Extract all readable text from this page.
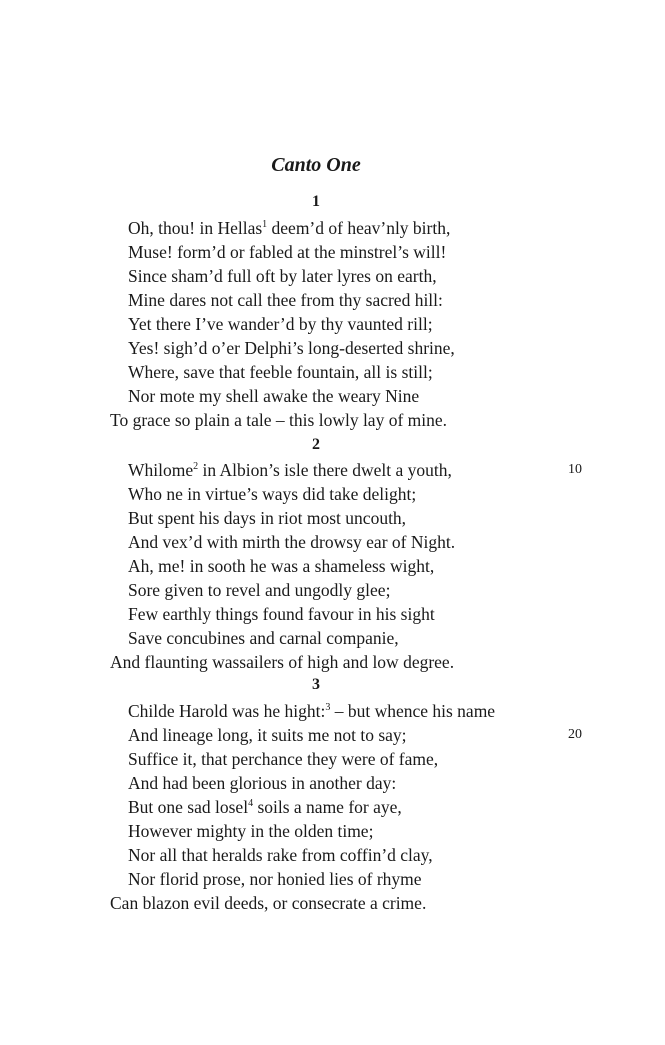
Canto One
1
Oh, thou! in Hellas$^1$ deem’d of heav’nly birth,
Muse! form’d or fabled at the minstrel’s will!
Since sham’d full oft by later lyres on earth,
Mine dares not call thee from thy sacred hill:
Yet there I’ve wander’d by thy vaunted rill;
Yes! sigh’d o’er Delphi’s long-deserted shrine,
Where, save that feeble fountain, all is still;
Nor mote my shell awake the weary Nine
To grace so plain a tale – this lowly lay of mine.
2
Whilome$^2$ in Albion’s isle there dwelt a youth,	10
Who ne in virtue’s ways did take delight;
But spent his days in riot most uncouth,
And vex’d with mirth the drowsy ear of Night.
Ah, me! in sooth he was a shameless wight,
Sore given to revel and ungodly glee;
Few earthly things found favour in his sight
Save concubines and carnal companie,
And flaunting wassailers of high and low degree.
3
Childe Harold was he hight:$^3$ – but whence his name
And lineage long, it suits me not to say;	20
Suffice it, that perchance they were of fame,
And had been glorious in another day:
But one sad losel$^4$ soils a name for aye,
However mighty in the olden time;
Nor all that heralds rake from coffin’d clay,
Nor florid prose, nor honied lies of rhyme
Can blazon evil deeds, or consecrate a crime.
